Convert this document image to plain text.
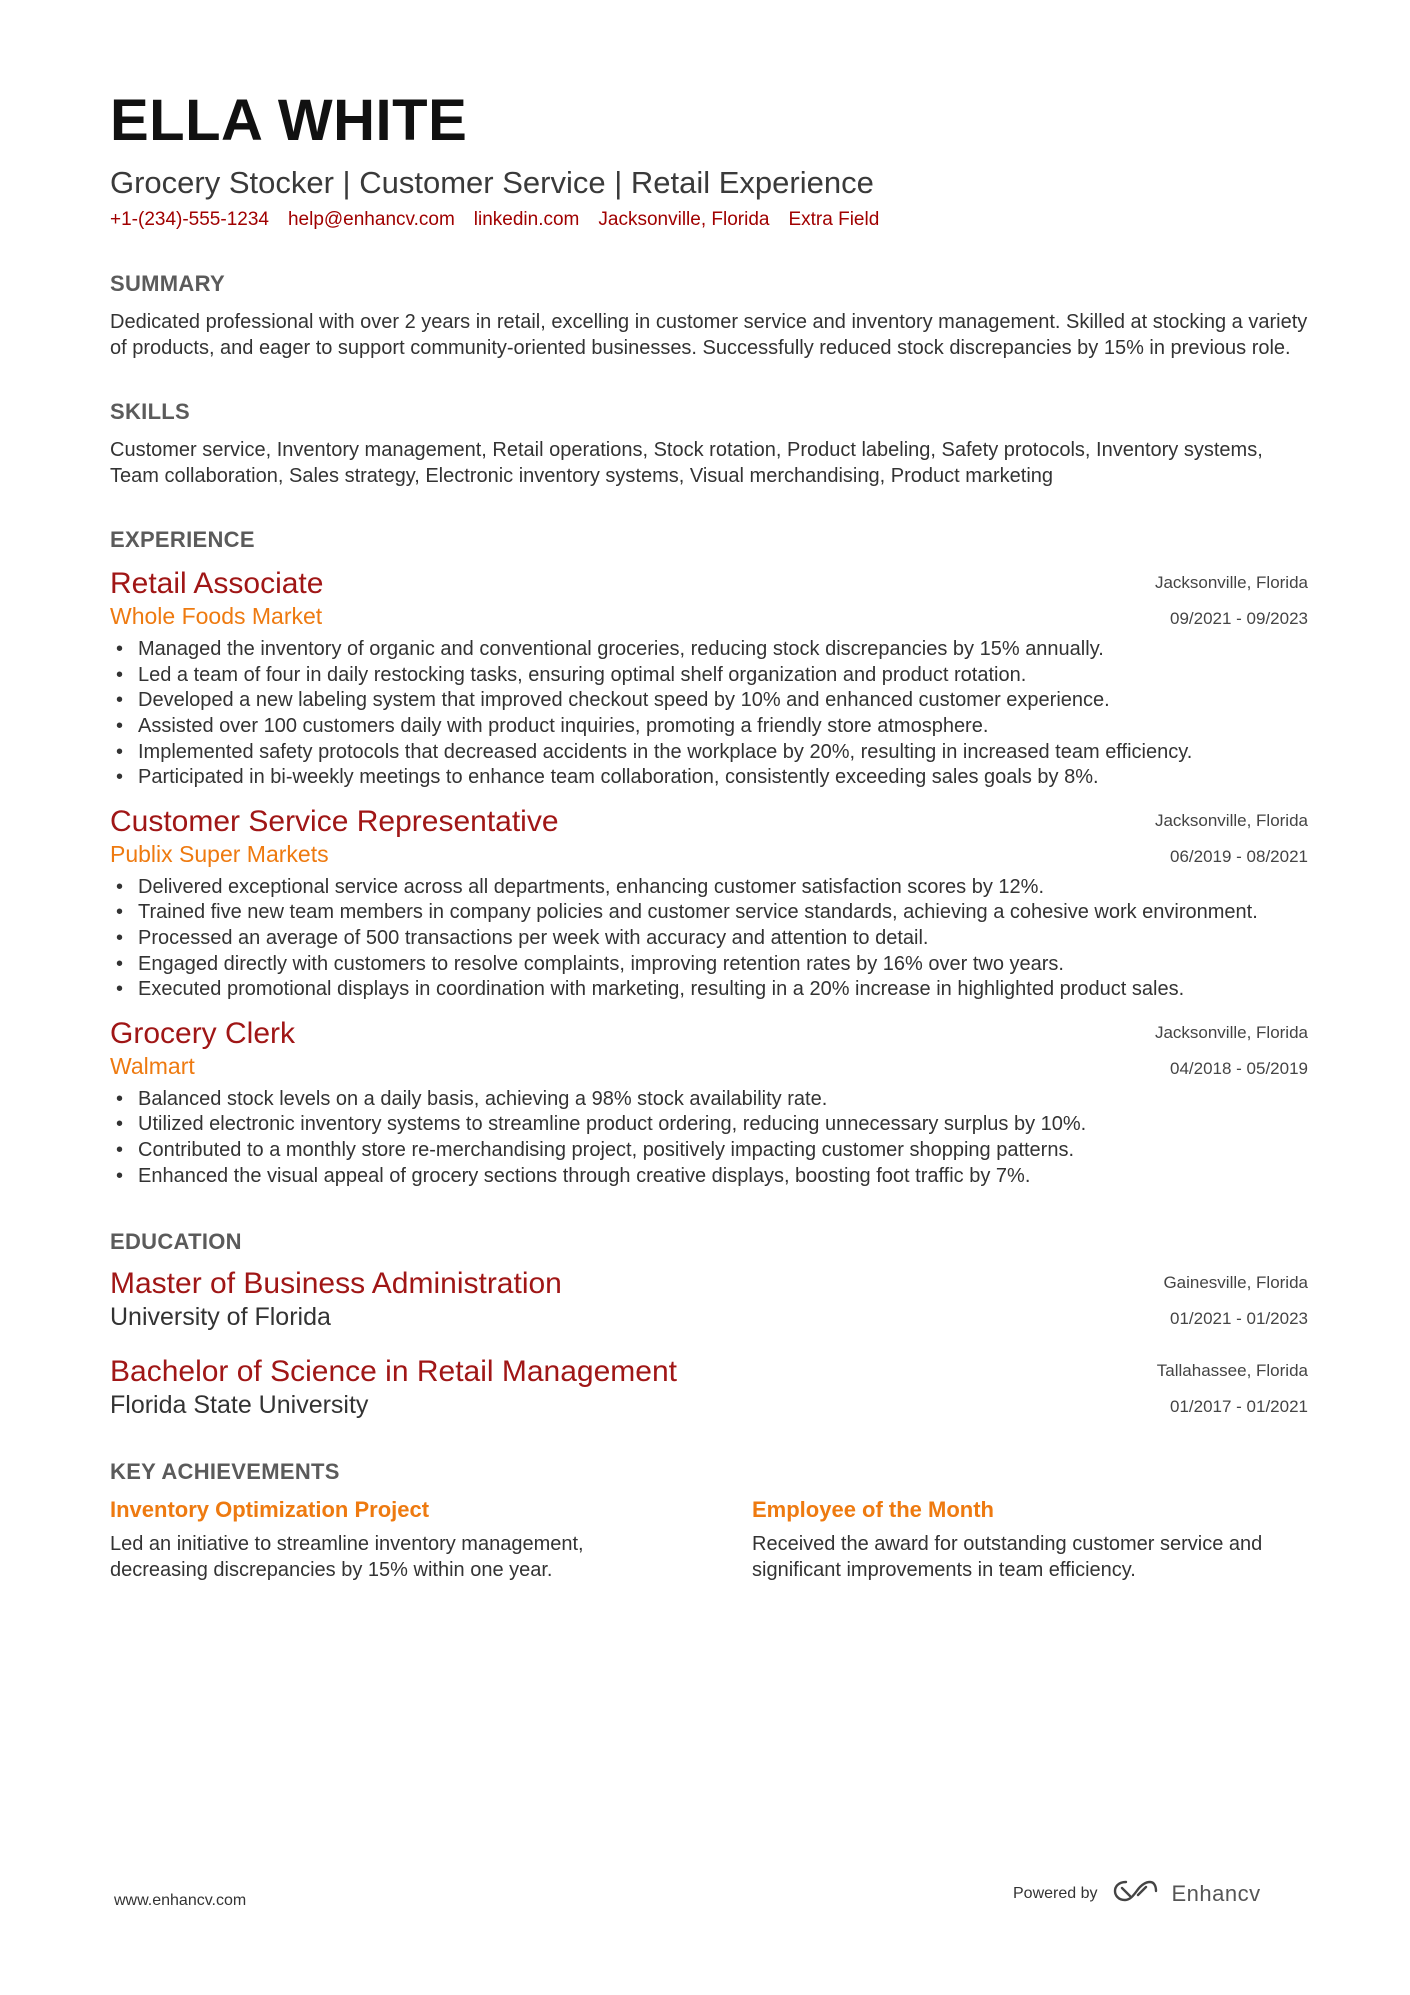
ELLA WHITE
Grocery Stocker | Customer Service | Retail Experience
+1-(234)-555-1234 help@enhancv.com linkedin.com Jacksonville, Florida Extra Field
SUMMARY
Dedicated professional with over 2 years in retail, excelling in customer service and inventory management. Skilled at stocking a variety of products, and eager to support community-oriented businesses. Successfully reduced stock discrepancies by 15% in previous role.
SKILLS
Customer service, Inventory management, Retail operations, Stock rotation, Product labeling, Safety protocols, Inventory systems, Team collaboration, Sales strategy, Electronic inventory systems, Visual merchandising, Product marketing
EXPERIENCE
Retail Associate
Whole Foods Market
Jacksonville, Florida
09/2021 - 09/2023
• Managed the inventory of organic and conventional groceries, reducing stock discrepancies by 15% annually.
• Led a team of four in daily restocking tasks, ensuring optimal shelf organization and product rotation.
• Developed a new labeling system that improved checkout speed by 10% and enhanced customer experience.
• Assisted over 100 customers daily with product inquiries, promoting a friendly store atmosphere.
• Implemented safety protocols that decreased accidents in the workplace by 20%, resulting in increased team efficiency.
• Participated in bi-weekly meetings to enhance team collaboration, consistently exceeding sales goals by 8%.
Customer Service Representative
Publix Super Markets
Jacksonville, Florida
06/2019 - 08/2021
• Delivered exceptional service across all departments, enhancing customer satisfaction scores by 12%.
• Trained five new team members in company policies and customer service standards, achieving a cohesive work environment.
• Processed an average of 500 transactions per week with accuracy and attention to detail.
• Engaged directly with customers to resolve complaints, improving retention rates by 16% over two years.
• Executed promotional displays in coordination with marketing, resulting in a 20% increase in highlighted product sales.
Grocery Clerk
Walmart
Jacksonville, Florida
04/2018 - 05/2019
• Balanced stock levels on a daily basis, achieving a 98% stock availability rate.
• Utilized electronic inventory systems to streamline product ordering, reducing unnecessary surplus by 10%.
• Contributed to a monthly store re-merchandising project, positively impacting customer shopping patterns.
• Enhanced the visual appeal of grocery sections through creative displays, boosting foot traffic by 7%.
EDUCATION
Master of Business Administration
University of Florida
Gainesville, Florida
01/2021 - 01/2023
Bachelor of Science in Retail Management
Florida State University
Tallahassee, Florida
01/2017 - 01/2021
KEY ACHIEVEMENTS
Inventory Optimization Project
Led an initiative to streamline inventory management, decreasing discrepancies by 15% within one year.
Employee of the Month
Received the award for outstanding customer service and significant improvements in team efficiency.
www.enhancv.com	Powered by	Enhancv
